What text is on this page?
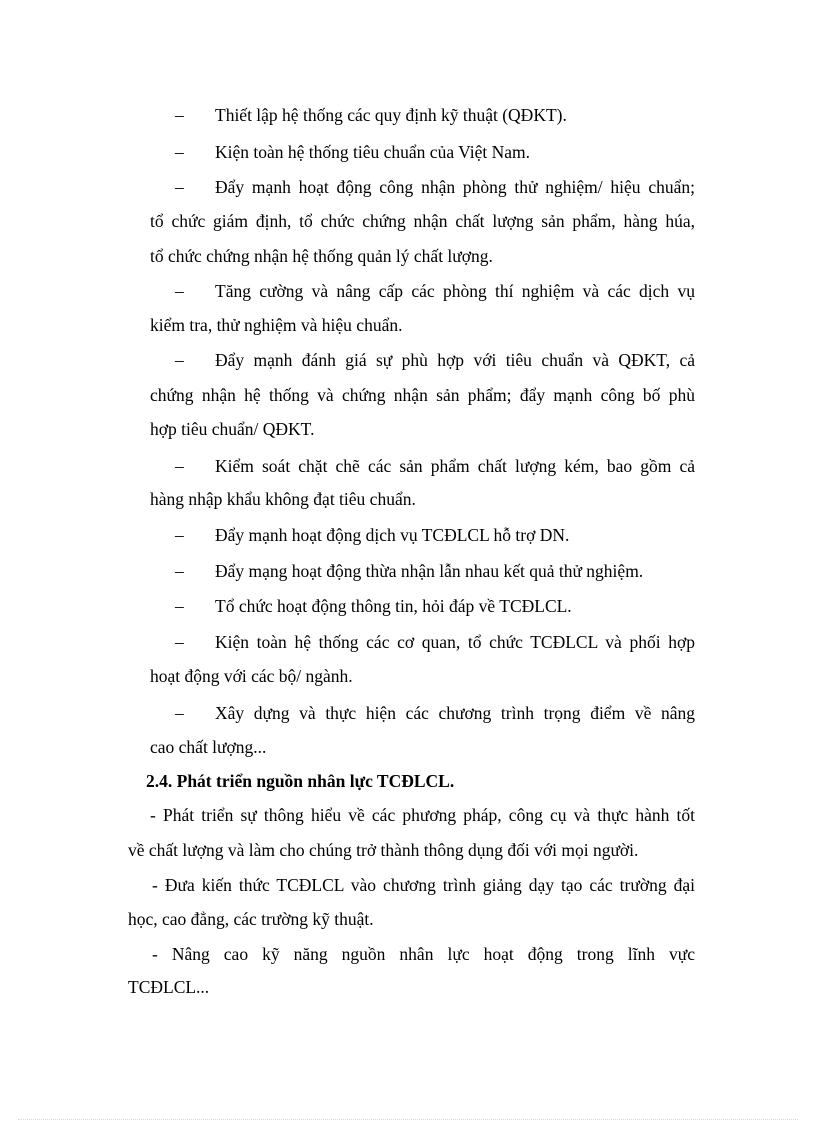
– Thiết lập hệ thống các quy định kỹ thuật (QĐKT).
– Kiện toàn hệ thống tiêu chuẩn của Việt Nam.
– Đẩy mạnh hoạt động công nhận phòng thử nghiệm/ hiệu chuẩn;
tổ chức giám định, tổ chức chứng nhận chất lượng sản phẩm, hàng húa,
tổ chức chứng nhận hệ thống quản lý chất lượng.
– Tăng cường và nâng cấp các phòng thí nghiệm và các dịch vụ
kiểm tra, thử nghiệm và hiệu chuẩn.
– Đẩy mạnh đánh giá sự phù hợp với tiêu chuẩn và QĐKT, cả
chứng nhận hệ thống và chứng nhận sản phẩm; đẩy mạnh công bố phù
hợp tiêu chuẩn/ QĐKT.
– Kiểm soát chặt chẽ các sản phẩm chất lượng kém, bao gồm cả
hàng nhập khẩu không đạt tiêu chuẩn.
– Đẩy mạnh hoạt động dịch vụ TCĐLCL hỗ trợ DN.
– Đẩy mạng hoạt động thừa nhận lẫn nhau kết quả thử nghiệm.
– Tổ chức hoạt động thông tin, hỏi đáp về TCĐLCL.
– Kiện toàn hệ thống các cơ quan, tổ chức TCĐLCL và phối hợp
hoạt động với các bộ/ ngành.
– Xây dựng và thực hiện các chương trình trọng điểm về nâng
cao chất lượng...
2.4. Phát triển nguồn nhân lực TCĐLCL.
- Phát triển sự thông hiểu về các phương pháp, công cụ và thực hành tốt
về chất lượng và làm cho chúng trở thành thông dụng đối với mọi người.
- Đưa kiến thức TCĐLCL vào chương trình giảng dạy tạo các trường đại
học, cao đẳng, các trường kỹ thuật.
- Nâng cao kỹ năng nguồn nhân lực hoạt động trong lĩnh vực
TCĐLCL...
